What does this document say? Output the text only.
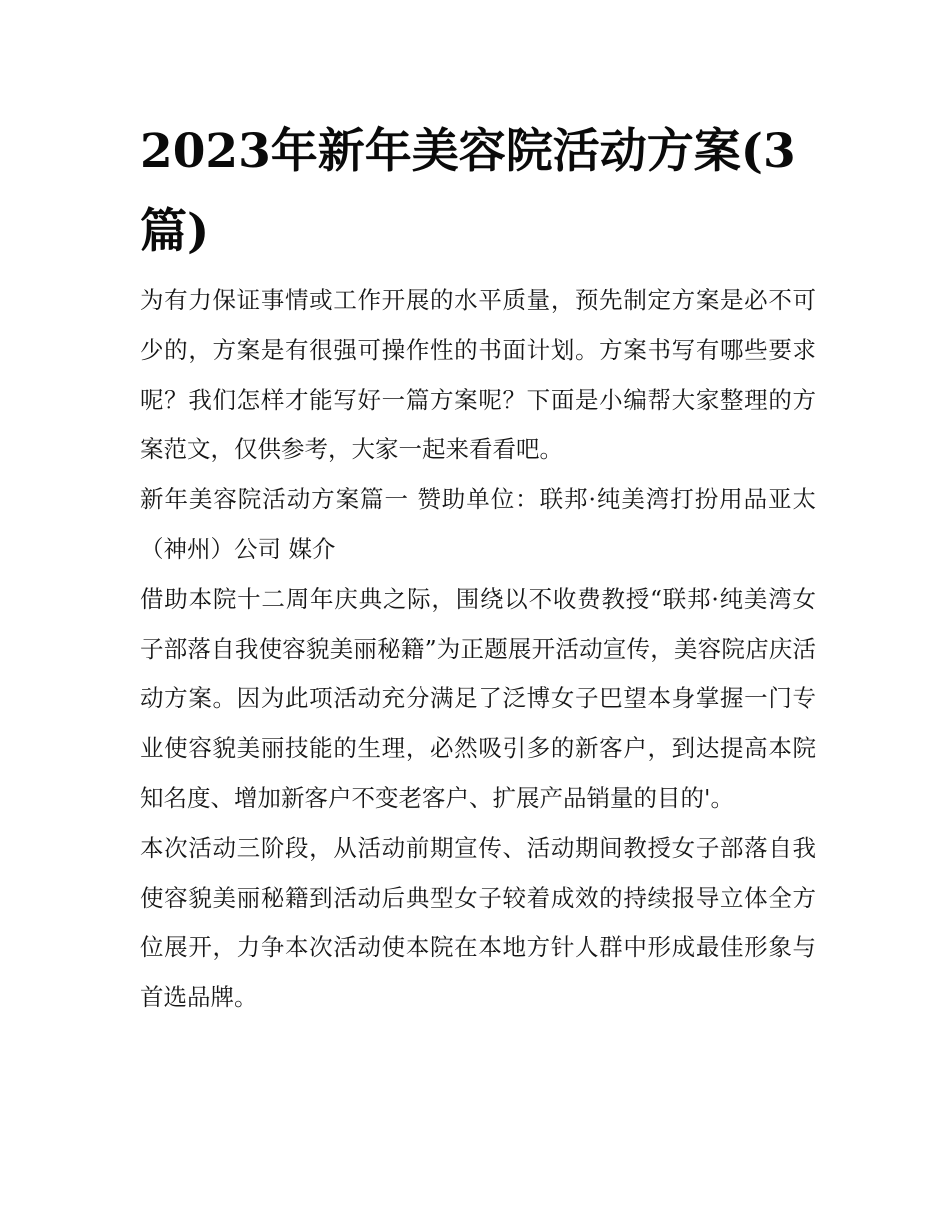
2023年新年美容院活动方案(3篇)

为有力保证事情或工作开展的水平质量，预先制定方案是必不可少的，方案是有很强可操作性的书面计划。方案书写有哪些要求呢？我们怎样才能写好一篇方案呢？下面是小编帮大家整理的方案范文，仅供参考，大家一起来看看吧。

新年美容院活动方案篇一 赞助单位：联邦·纯美湾打扮用品亚太（神州）公司 媒介

借助本院十二周年庆典之际，围绕以不收费教授“联邦·纯美湾女子部落自我使容貌美丽秘籍”为正题展开活动宣传，美容院店庆活动方案。因为此项活动充分满足了泛博女子巴望本身掌握一门专业使容貌美丽技能的生理，必然吸引多的新客户，到达提高本院知名度、增加新客户不变老客户、扩展产品销量的目的'。

本次活动三阶段，从活动前期宣传、活动期间教授女子部落自我使容貌美丽秘籍到活动后典型女子较着成效的持续报导立体全方位展开，力争本次活动使本院在本地方针人群中形成最佳形象与首选品牌。
